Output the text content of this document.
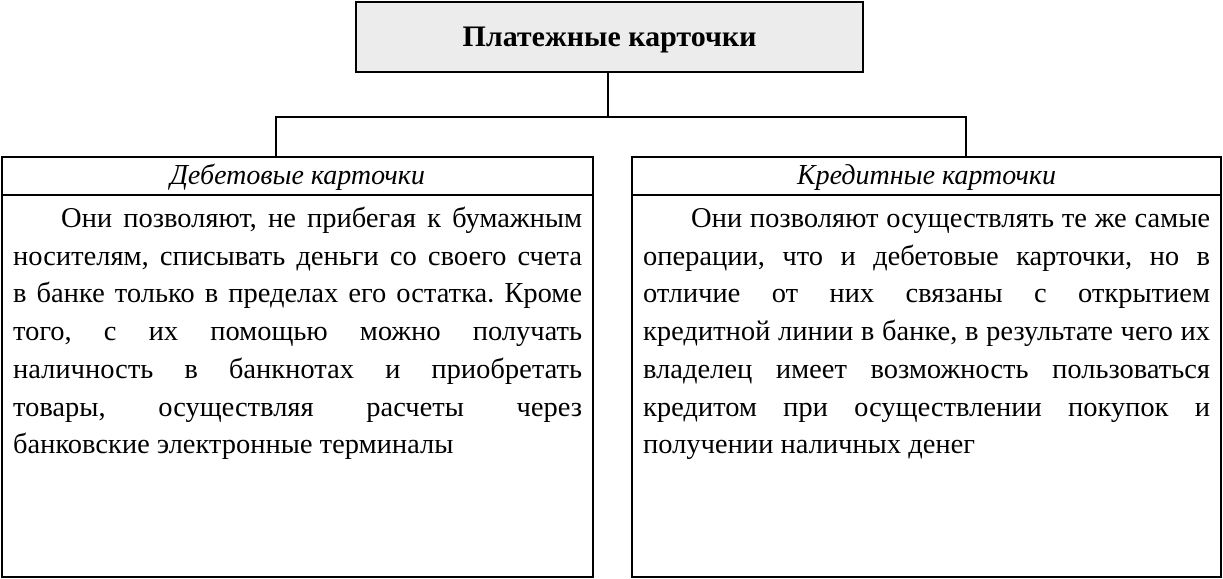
Платежные карточки
Дебетовые карточки
Они позволяют, не прибегая к бумажным носителям, списывать деньги со своего счета в банке только в пределах его остатка. Кроме того, с их помощью можно получать наличность в банкнотах и приобретать товары, осуществляя расчеты через банковские электронные терминалы
Кредитные карточки
Они позволяют осуществлять те же самые операции, что и дебетовые карточки, но в отличие от них связаны с открытием кредитной линии в банке, в результате чего их владелец имеет возможность пользоваться кредитом при осуществлении покупок и получении наличных денег
